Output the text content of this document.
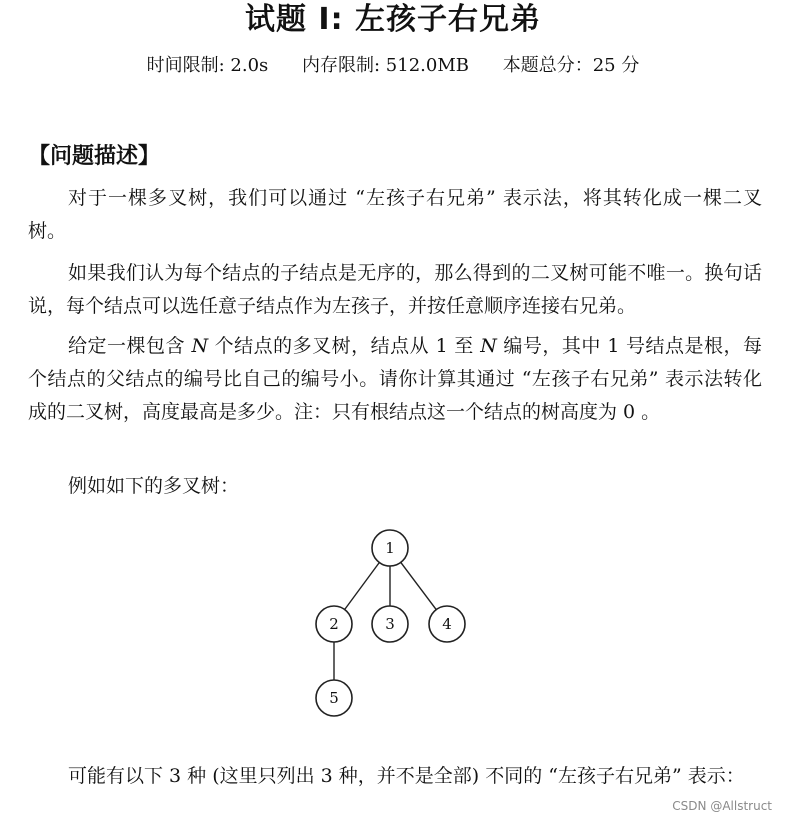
试题 I: 左孩子右兄弟
时间限制: 2.0s 内存限制: 512.0MB 本题总分：25 分
【问题描述】

对于一棵多叉树，我们可以通过 “左孩子右兄弟” 表示法，将其转化成一棵二叉树。

如果我们认为每个结点的子结点是无序的，那么得到的二叉树可能不唯一。换句话说，每个结点可以选任意子结点作为左孩子，并按任意顺序连接右兄弟。

给定一棵包含 N 个结点的多叉树，结点从 1 至 N 编号，其中 1 号结点是根，每个结点的父结点的编号比自己的编号小。请你计算其通过 “左孩子右兄弟” 表示法转化成的二叉树，高度最高是多少。注：只有根结点这一个结点的树高度为 0 。

例如如下的多叉树：

1
2	3	4
5

可能有以下 3 种 (这里只列出 3 种，并不是全部) 不同的 “左孩子右兄弟” 表示：

CSDN @Allstruct
